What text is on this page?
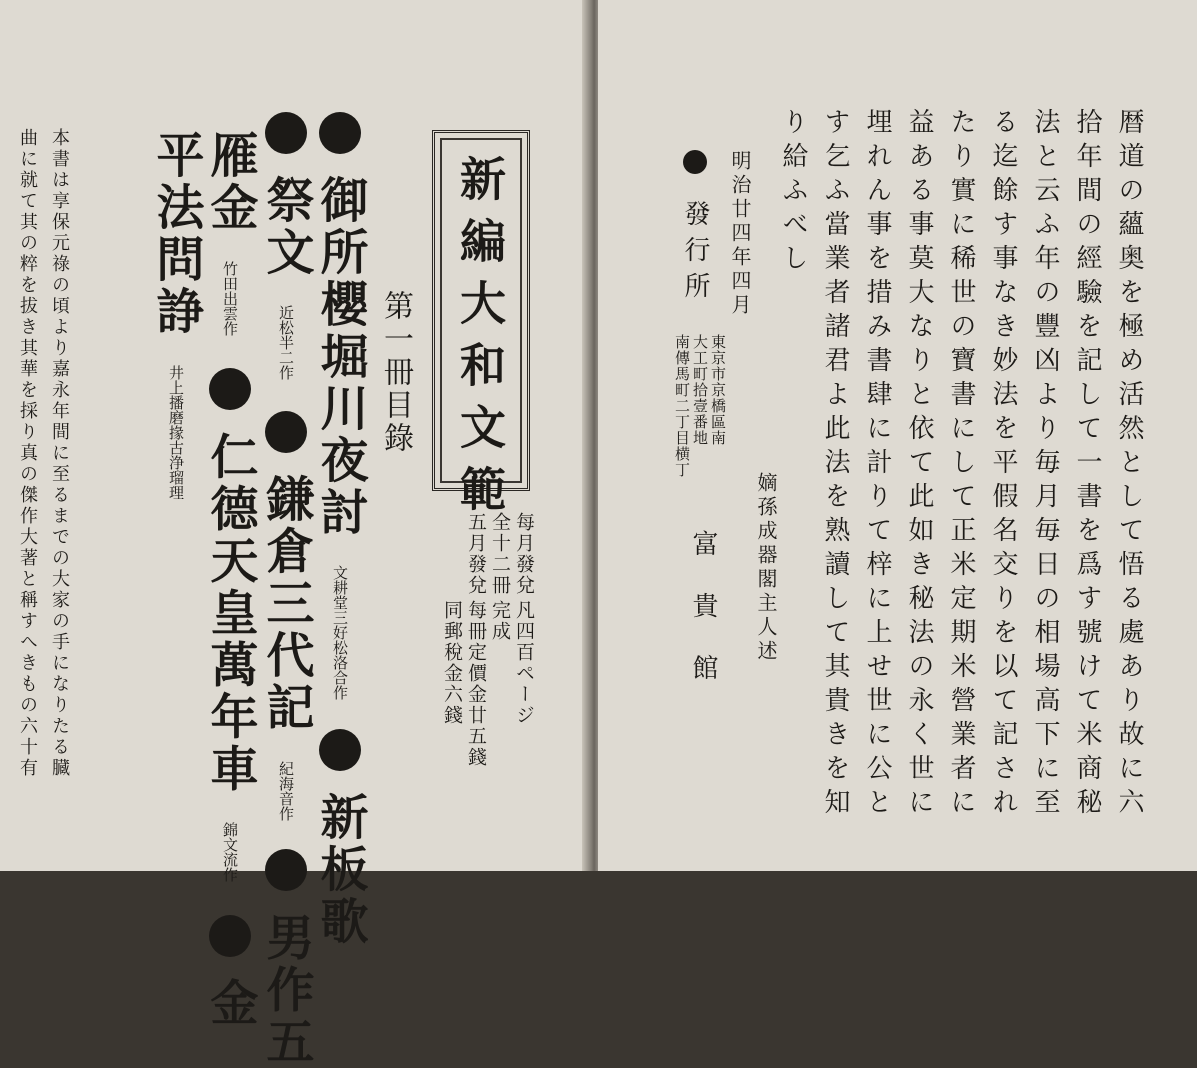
曲に就て其の粹を拔き其華を採り真の傑作大著と稱すへきもの六十有 本書は享保元祿の頃より嘉永年間に至るまでの大家の手になりたる臓 平法問諍 井上播磨掾古浄瑠理
雁金 竹田出雲作  仁德天皇萬年車 錦文流作  金
祭文 近松半二作  鎌倉三代記 紀海音作  男作五
御所櫻堀川夜討 文耕堂三好松洛合作  新板歌
第一冊目錄 新編大和文範
五月發兌 全十二冊 每月發兌
同郵稅金六錢 每冊定價金廿五錢 完成 凡四百ページ
發行所
南傳馬町二丁目横丁 大工町拾壹番地 東京市京橋區南
富貴館
明治廿四年四月
嫡孫成器閣主人述
り給ふべし す乞ふ當業者諸君よ此法を熟讀して其貴きを知 埋れん事を措み書肆に計りて梓に上せ世に公と 益ある事莫大なりと依て此如き秘法の永く世に たり實に稀世の寶書にして正米定期米營業者に る迄餘す事なき妙法を平假名交りを以て記され 法と云ふ年の豐凶より毎月毎日の相場高下に至 拾年間の經驗を記して一書を爲す號けて米商秘 暦道の蘊奥を極め活然として悟る處あり故に六
